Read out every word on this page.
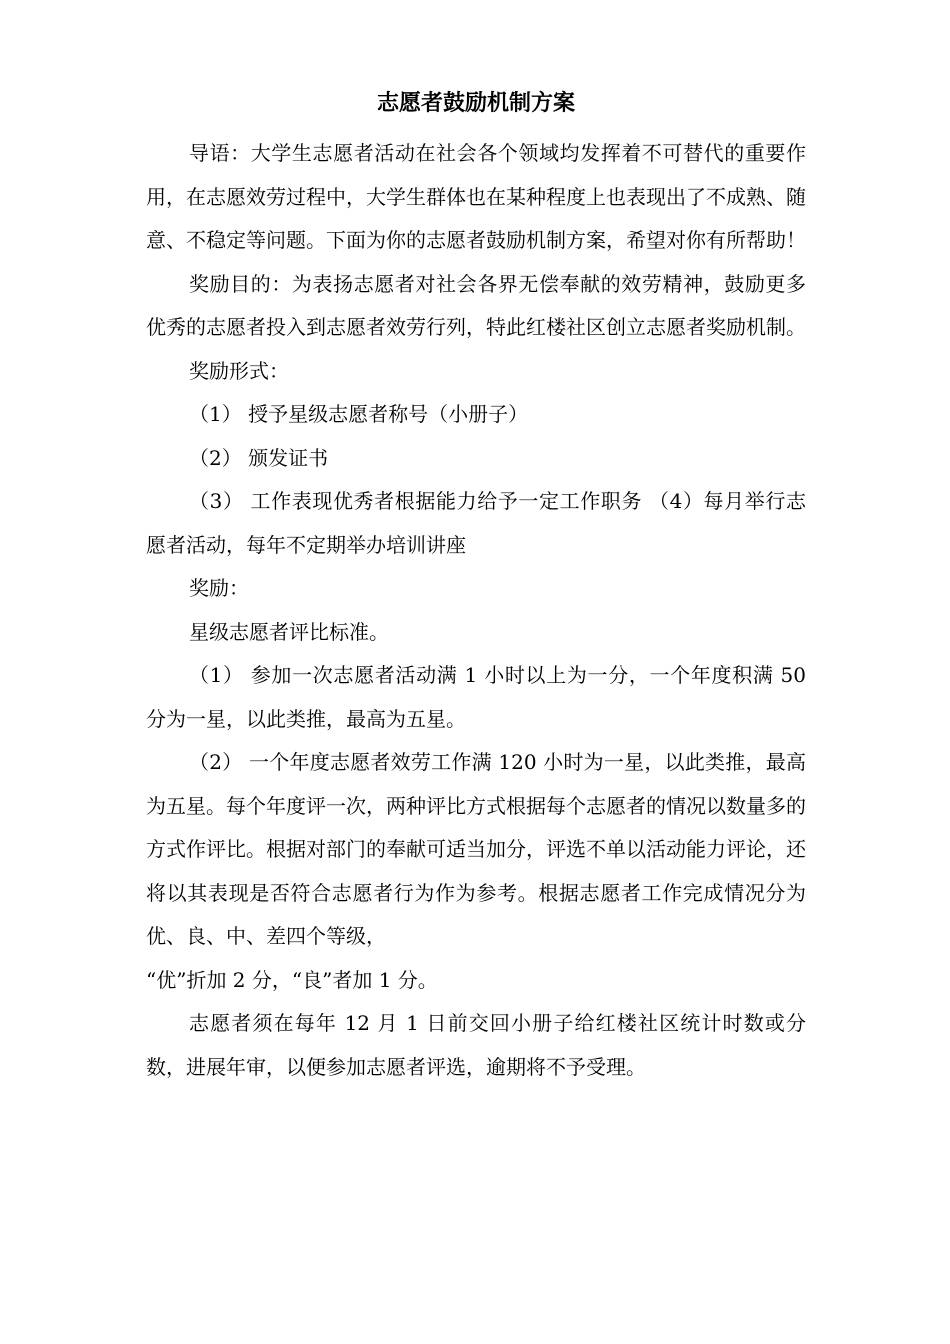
志愿者鼓励机制方案

导语：大学生志愿者活动在社会各个领域均发挥着不可替代的重要作用，在志愿效劳过程中，大学生群体也在某种程度上也表现出了不成熟、随意、不稳定等问题。下面为你的志愿者鼓励机制方案，希望对你有所帮助！

奖励目的：为表扬志愿者对社会各界无偿奉献的效劳精神，鼓励更多优秀的志愿者投入到志愿者效劳行列，特此红楼社区创立志愿者奖励机制。

奖励形式：

（1） 授予星级志愿者称号（小册子）

（2） 颁发证书

（3） 工作表现优秀者根据能力给予一定工作职务 （4）每月举行志愿者活动，每年不定期举办培训讲座

奖励：

星级志愿者评比标准。

（1） 参加一次志愿者活动满 1 小时以上为一分，一个年度积满 50 分为一星，以此类推，最高为五星。

（2） 一个年度志愿者效劳工作满 120 小时为一星，以此类推，最高为五星。每个年度评一次，两种评比方式根据每个志愿者的情况以数量多的方式作评比。根据对部门的奉献可适当加分，评选不单以活动能力评论，还将以其表现是否符合志愿者行为作为参考。根据志愿者工作完成情况分为优、良、中、差四个等级，

“优”折加 2 分，“良”者加 1 分。

志愿者须在每年 12 月 1 日前交回小册子给红楼社区统计时数或分数，进展年审，以便参加志愿者评选，逾期将不予受理。
